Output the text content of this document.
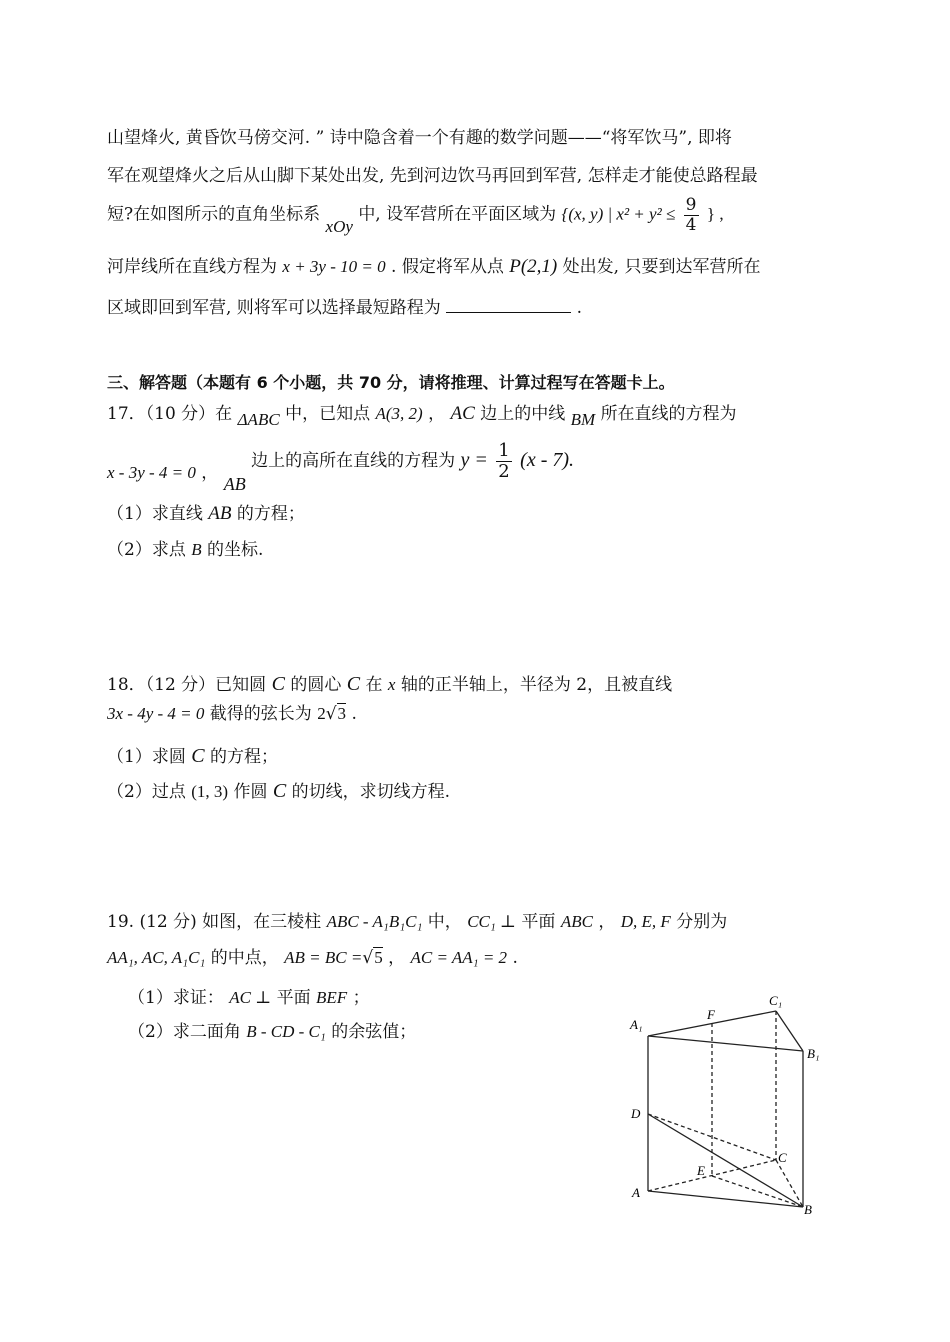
山望烽火, 黄昏饮马傍交河. ” 诗中隐含着一个有趣的数学问题——“将军饮马”, 即将
军在观望烽火之后从山脚下某处出发, 先到河边饮马再回到军营, 怎样走才能使总路程最
短?在如图所示的直角坐标系 xOy 中, 设军营所在平面区域为 {(x, y) | $x^2 + y^2 \le \frac{9}{4}$ } ,
河岸线所在直线方程为 x + 3y - 10 = 0 . 假定将军从点 P(2,1) 处出发, 只要到达军营所在
区域即回到军营, 则将军可以选择最短路程为	.
三、解答题（本题有 6 个小题，共 70 分，请将推理、计算过程写在答题卡上。
17．（10 分）在 ΔABC 中，已知点 A(3, 2) ， AC 边上的中线 BM 所在直线的方程为
x - 3y - 4 = 0 ， AB 边上的高所在直线的方程为 $y = \frac{1}{2} (x - 7)$.
（1）求直线 AB 的方程；
（2）求点 B 的坐标.
18．（12 分）已知圆 C 的圆心 C 在 x 轴的正半轴上，半径为 2，且被直线
3x - 4y - 4 = 0 截得的弦长为 2√3 .
（1）求圆 C 的方程；
（2）过点 (1, 3) 作圆 C 的切线，求切线方程.
19. (12 分) 如图，在三棱柱 ABC - A₁B₁C₁ 中， CC₁ ⊥ 平面 ABC ， D, E, F 分别为
AA₁, AC, A₁C₁ 的中点， AB = BC =√5 ， AC = AA₁ = 2 .
（1）求证： AC ⊥ 平面 BEF ；
（2）求二面角 B - CD - C₁ 的余弦值；	A₁
F
C₁
B₁
D
C
E
A
B
